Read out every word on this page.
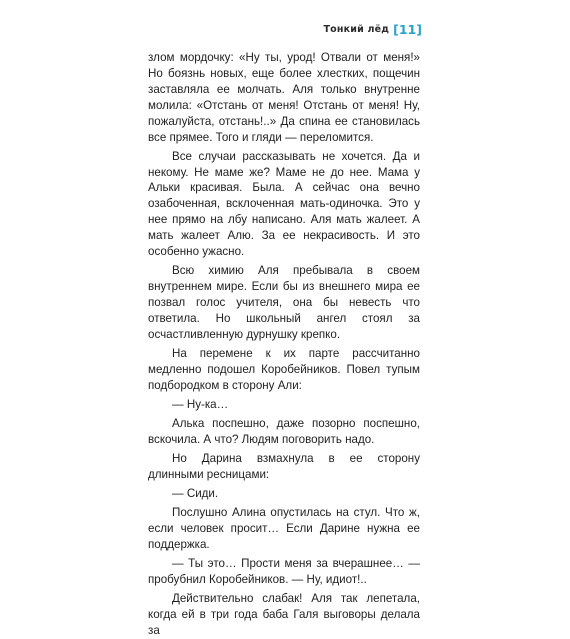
Тонкий лёд [11]

злом мордочку: «Ну ты, урод! Отвали от меня!» Но боязнь новых, еще более хлестких, пощечин заставляла ее молчать. Аля только внутренне молила: «Отстань от меня! Отстань от меня! Ну, пожалуйста, отстань!..» Да спина ее становилась все прямее. Того и гляди — переломится.

Все случаи рассказывать не хочется. Да и некому. Не маме же? Маме не до нее. Мама у Альки красивая. Была. А сейчас она вечно озабоченная, всклоченная мать-одиночка. Это у нее прямо на лбу написано. Аля мать жалеет. А мать жалеет Алю. За ее некрасивость. И это особенно ужасно.

Всю химию Аля пребывала в своем внутреннем мире. Если бы из внешнего мира ее позвал голос учителя, она бы невесть что ответила. Но школьный ангел стоял за осчастливленную дурнушку крепко.

На перемене к их парте рассчитанно медленно подошел Коробейников. Повел тупым подбородком в сторону Али:

— Ну-ка…

Алька поспешно, даже позорно поспешно, вскочила. А что? Людям поговорить надо.

Но Дарина взмахнула в ее сторону длинными ресницами:

— Сиди.

Послушно Алина опустилась на стул. Что ж, если человек просит… Если Дарине нужна ее поддержка.

— Ты это… Прости меня за вчерашнее… — пробубнил Коробейников. — Ну, идиот!..

Действительно слабак! Аля так лепетала, когда ей в три года баба Галя выговоры делала за
